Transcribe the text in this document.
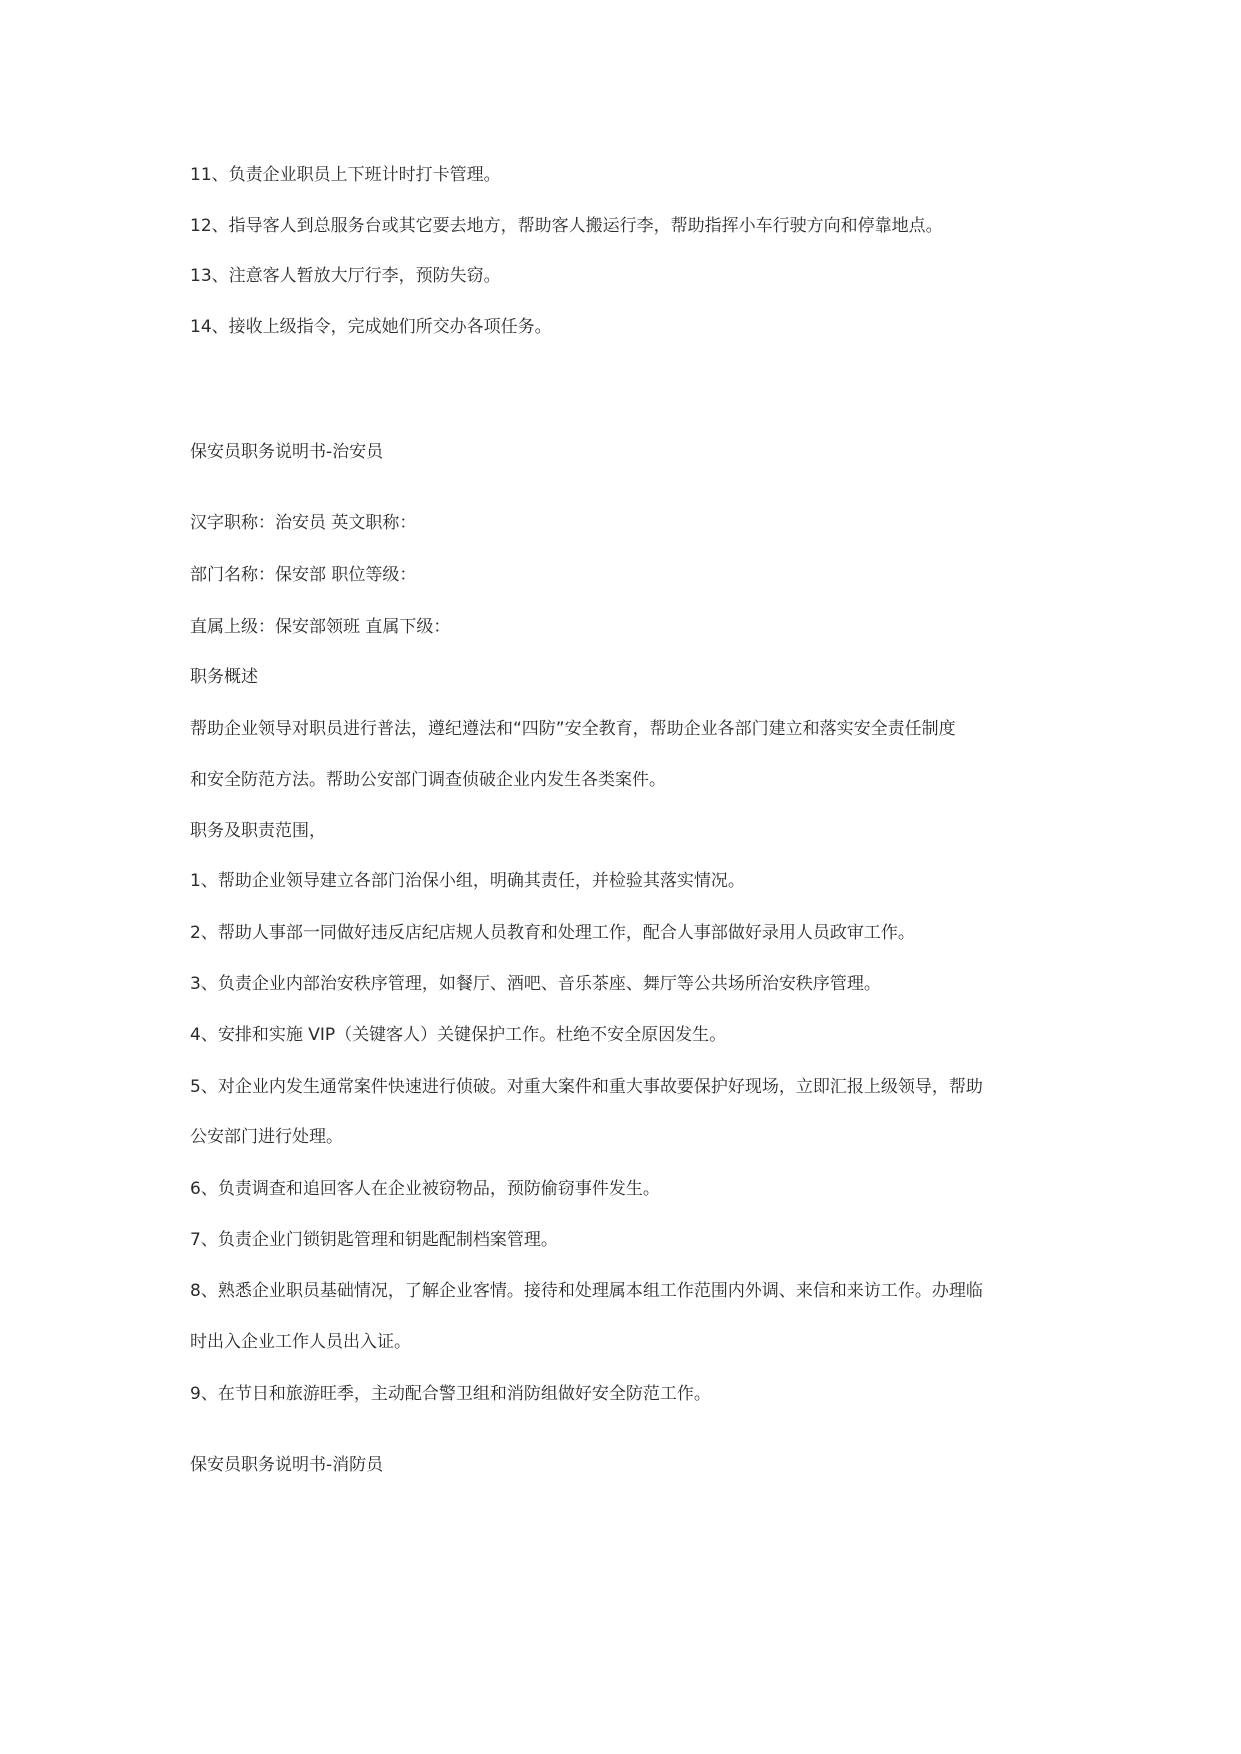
11、负责企业职员上下班计时打卡管理。
12、指导客人到总服务台或其它要去地方，帮助客人搬运行李，帮助指挥小车行驶方向和停靠地点。
13、注意客人暂放大厅行李，预防失窃。
14、接收上级指令，完成她们所交办各项任务。
保安员职务说明书-治安员
汉字职称：治安员 英文职称：
部门名称：保安部 职位等级：
直属上级：保安部领班 直属下级：
职务概述
帮助企业领导对职员进行普法，遵纪遵法和“四防”安全教育，帮助企业各部门建立和落实安全责任制度
和安全防范方法。帮助公安部门调查侦破企业内发生各类案件。
职务及职责范围，
1、帮助企业领导建立各部门治保小组，明确其责任，并检验其落实情况。
2、帮助人事部一同做好违反店纪店规人员教育和处理工作，配合人事部做好录用人员政审工作。
3、负责企业内部治安秩序管理，如餐厅、酒吧、音乐茶座、舞厅等公共场所治安秩序管理。
4、安排和实施 VIP（关键客人）关键保护工作。杜绝不安全原因发生。
5、对企业内发生通常案件快速进行侦破。对重大案件和重大事故要保护好现场，立即汇报上级领导，帮助
公安部门进行处理。
6、负责调查和追回客人在企业被窃物品，预防偷窃事件发生。
7、负责企业门锁钥匙管理和钥匙配制档案管理。
8、熟悉企业职员基础情况，了解企业客情。接待和处理属本组工作范围内外调、来信和来访工作。办理临
时出入企业工作人员出入证。
9、在节日和旅游旺季，主动配合警卫组和消防组做好安全防范工作。
保安员职务说明书-消防员
